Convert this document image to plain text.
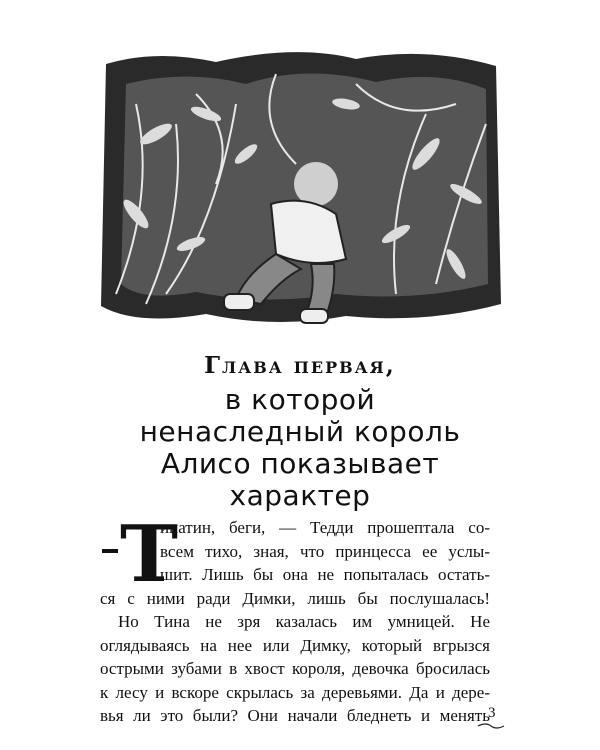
Глава первая,
в которой
ненаследный король
Алисо показывает
характер
Т
инатин, беги, — Тедди прошептала со-
всем тихо, зная, что принцесса ее услы-
шит. Лишь бы она не попыталась остать-
ся с ними ради Димки, лишь бы послушалась!
Но Тина не зря казалась им умницей. Не
оглядываясь на нее или Димку, который вгрызся
острыми зубами в хвост короля, девочка бросилась
к лесу и вскоре скрылась за деревьями. Да и дере-
вья ли это были? Они начали бледнеть и менять
3
